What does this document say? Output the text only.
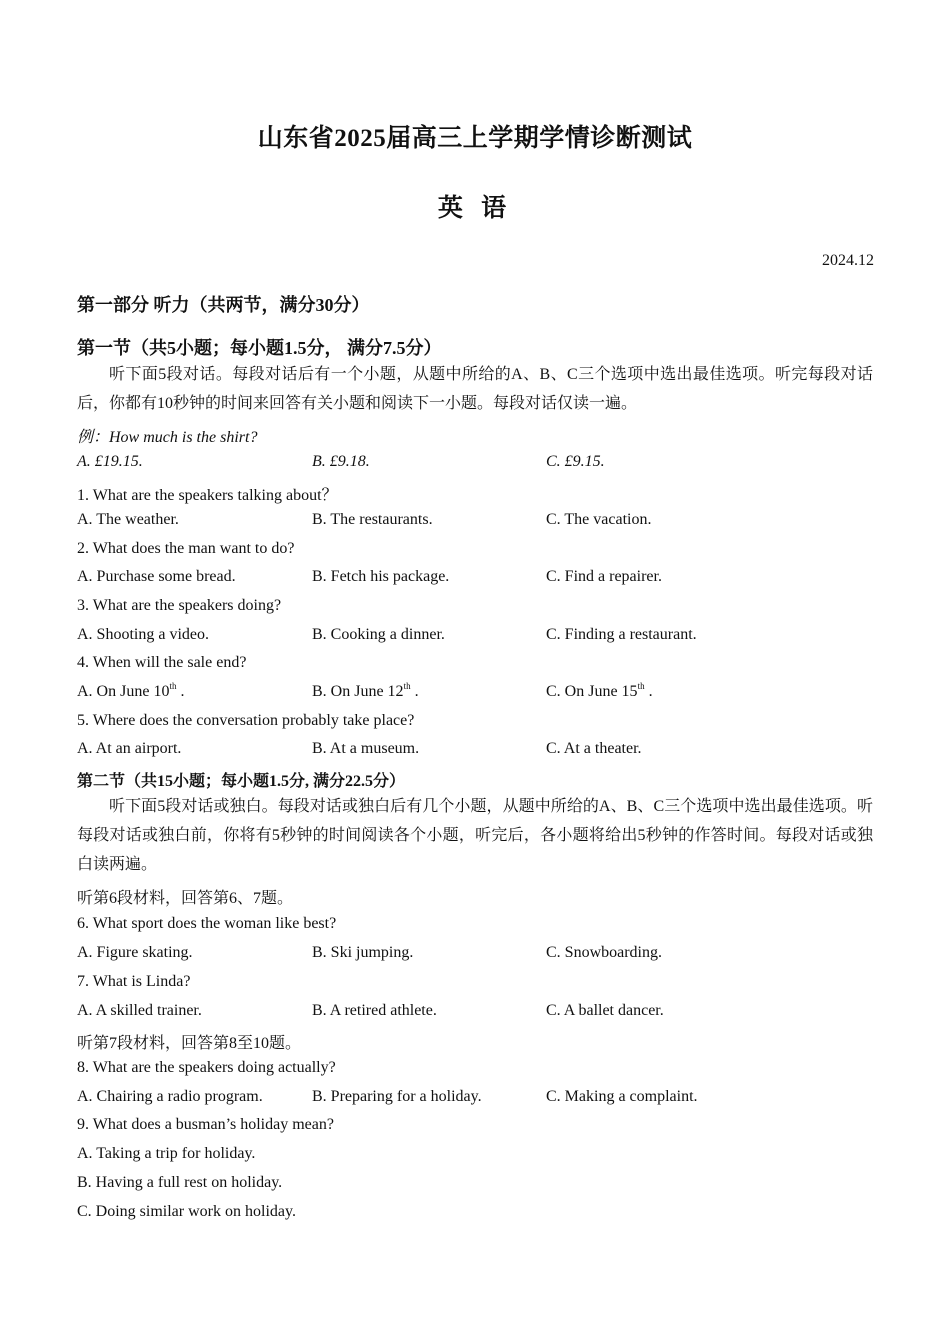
山东省2025届高三上学期学情诊断测试
英 语
2024.12
第一部分 听力（共两节，满分30分）
第一节（共5小题；每小题1.5分， 满分7.5分）
听下面5段对话。每段对话后有一个小题，从题中所给的A、B、C三个选项中选出最佳选项。听完每段对话后，你都有10秒钟的时间来回答有关小题和阅读下一小题。每段对话仅读一遍。
例：How much is the shirt?
A. £19.15.	B. £9.18.	C. £9.15.
1. What are the speakers talking about？
A. The weather.	B. The restaurants.	C. The vacation.
2. What does the man want to do?
A. Purchase some bread.	B. Fetch his package.	C. Find a repairer.
3. What are the speakers doing?
A. Shooting a video.	B. Cooking a dinner.	C. Finding a restaurant.
4. When will the sale end?
A. On June 10th .	B. On June 12th .	C. On June 15th .
5. Where does the conversation probably take place?
A. At an airport.	B. At a museum.	C. At a theater.
第二节（共15小题；每小题1.5分, 满分22.5分）
听下面5段对话或独白。每段对话或独白后有几个小题，从题中所给的A、B、C三个选项中选出最佳选项。听每段对话或独白前，你将有5秒钟的时间阅读各个小题，听完后，各小题将给出5秒钟的作答时间。每段对话或独白读两遍。
听第6段材料，回答第6、7题。
6. What sport does the woman like best?
A. Figure skating.	B. Ski jumping.	C. Snowboarding.
7. What is Linda?
A. A skilled trainer.	B. A retired athlete.	C. A ballet dancer.
听第7段材料，回答第8至10题。
8. What are the speakers doing actually?
A. Chairing a radio program.	B. Preparing for a holiday.	C. Making a complaint.
9. What does a busman’s holiday mean?
A. Taking a trip for holiday.
B. Having a full rest on holiday.
C. Doing similar work on holiday.
